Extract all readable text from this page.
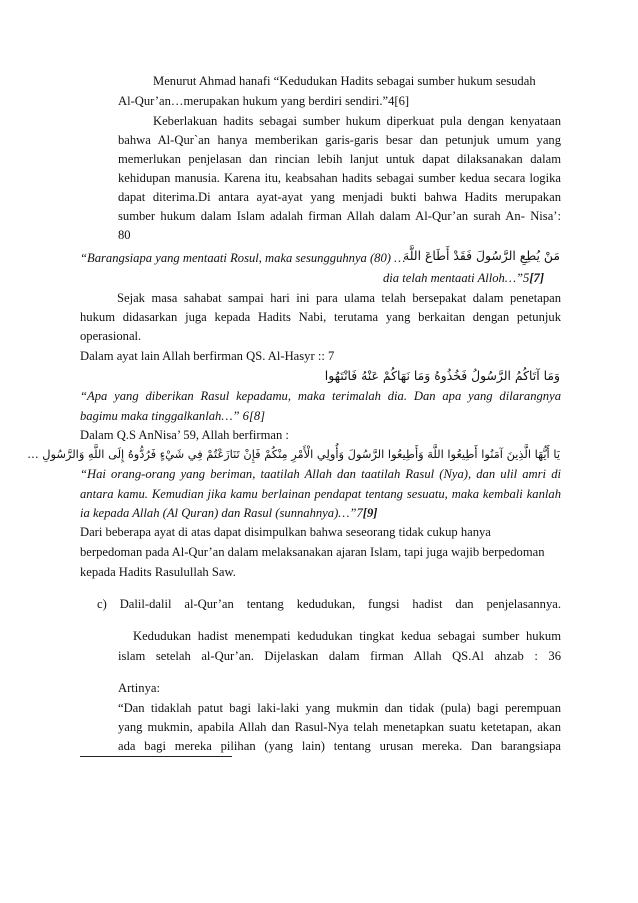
Menurut Ahmad hanafi “Kedudukan Hadits sebagai sumber hukum sesudah
Al-Qur’an…merupakan hukum yang berdiri sendiri.”4[6]
Keberlakuan hadits sebagai sumber hukum diperkuat pula dengan kenyataan
bahwa Al-Qur`an hanya memberikan garis-garis besar dan petunjuk umum yang
memerlukan penjelasan dan rincian lebih lanjut untuk dapat dilaksanakan dalam
kehidupan manusia. Karena itu, keabsahan hadits sebagai sumber kedua secara logika
dapat diterima.Di antara ayat-ayat yang menjadi bukti bahwa Hadits merupakan
sumber hukum dalam Islam adalah firman Allah dalam Al-Qur’an surah An- Nisa’:
80
“Barangsiapa yang mentaati Rosul, maka sesungguhnya (80) …
مَنْ يُطِعِ الرَّسُولَ فَقَدْ أَطَاعَ اللَّهَ
dia telah mentaati Alloh…”5[7]
Sejak masa sahabat sampai hari ini para ulama telah bersepakat dalam penetapan
hukum didasarkan juga kepada Hadits Nabi, terutama yang berkaitan dengan petunjuk
operasional.
Dalam ayat lain Allah berfirman QS. Al-Hasyr :: 7
وَمَا آتَاكُمُ الرَّسُولُ فَخُذُوهُ وَمَا نَهَاكُمْ عَنْهُ فَانْتَهُوا
“Apa yang diberikan Rasul kepadamu, maka terimalah dia. Dan apa yang dilarangnya
bagimu maka tinggalkanlah…” 6[8]
Dalam Q.S AnNisa’ 59, Allah berfirman :
يَا أَيُّهَا الَّذِينَ آمَنُوا أَطِيعُوا اللَّهَ وَأَطِيعُوا الرَّسُولَ وَأُولِي الْأَمْرِ مِنْكُمْ فَإِنْ تَنَازَعْتُمْ فِي شَيْءٍ فَرُدُّوهُ إِلَى اللَّهِ وَالرَّسُولِ …
“Hai orang-orang yang beriman, taatilah Allah dan taatilah Rasul (Nya), dan ulil amri di
antara kamu. Kemudian jika kamu berlainan pendapat tentang sesuatu, maka kembali kanlah
ia kepada Allah (Al Quran) dan Rasul (sunnahnya)…”7[9]
Dari beberapa ayat di atas dapat disimpulkan bahwa seseorang tidak cukup hanya
berpedoman pada Al-Qur’an dalam melaksanakan ajaran Islam, tapi juga wajib berpedoman
kepada Hadits Rasulullah Saw.
c) Dalil-dalil al-Qur’an tentang kedudukan, fungsi hadist dan penjelasannya.
Kedudukan hadist menempati kedudukan tingkat kedua sebagai sumber hukum
islam setelah al-Qur’an. Dijelaskan dalam firman Allah QS.Al ahzab : 36
Artinya:
“Dan tidaklah patut bagi laki-laki yang mukmin dan tidak (pula) bagi perempuan
yang mukmin, apabila Allah dan Rasul-Nya telah menetapkan suatu ketetapan, akan
ada bagi mereka pilihan (yang lain) tentang urusan mereka. Dan barangsiapa
